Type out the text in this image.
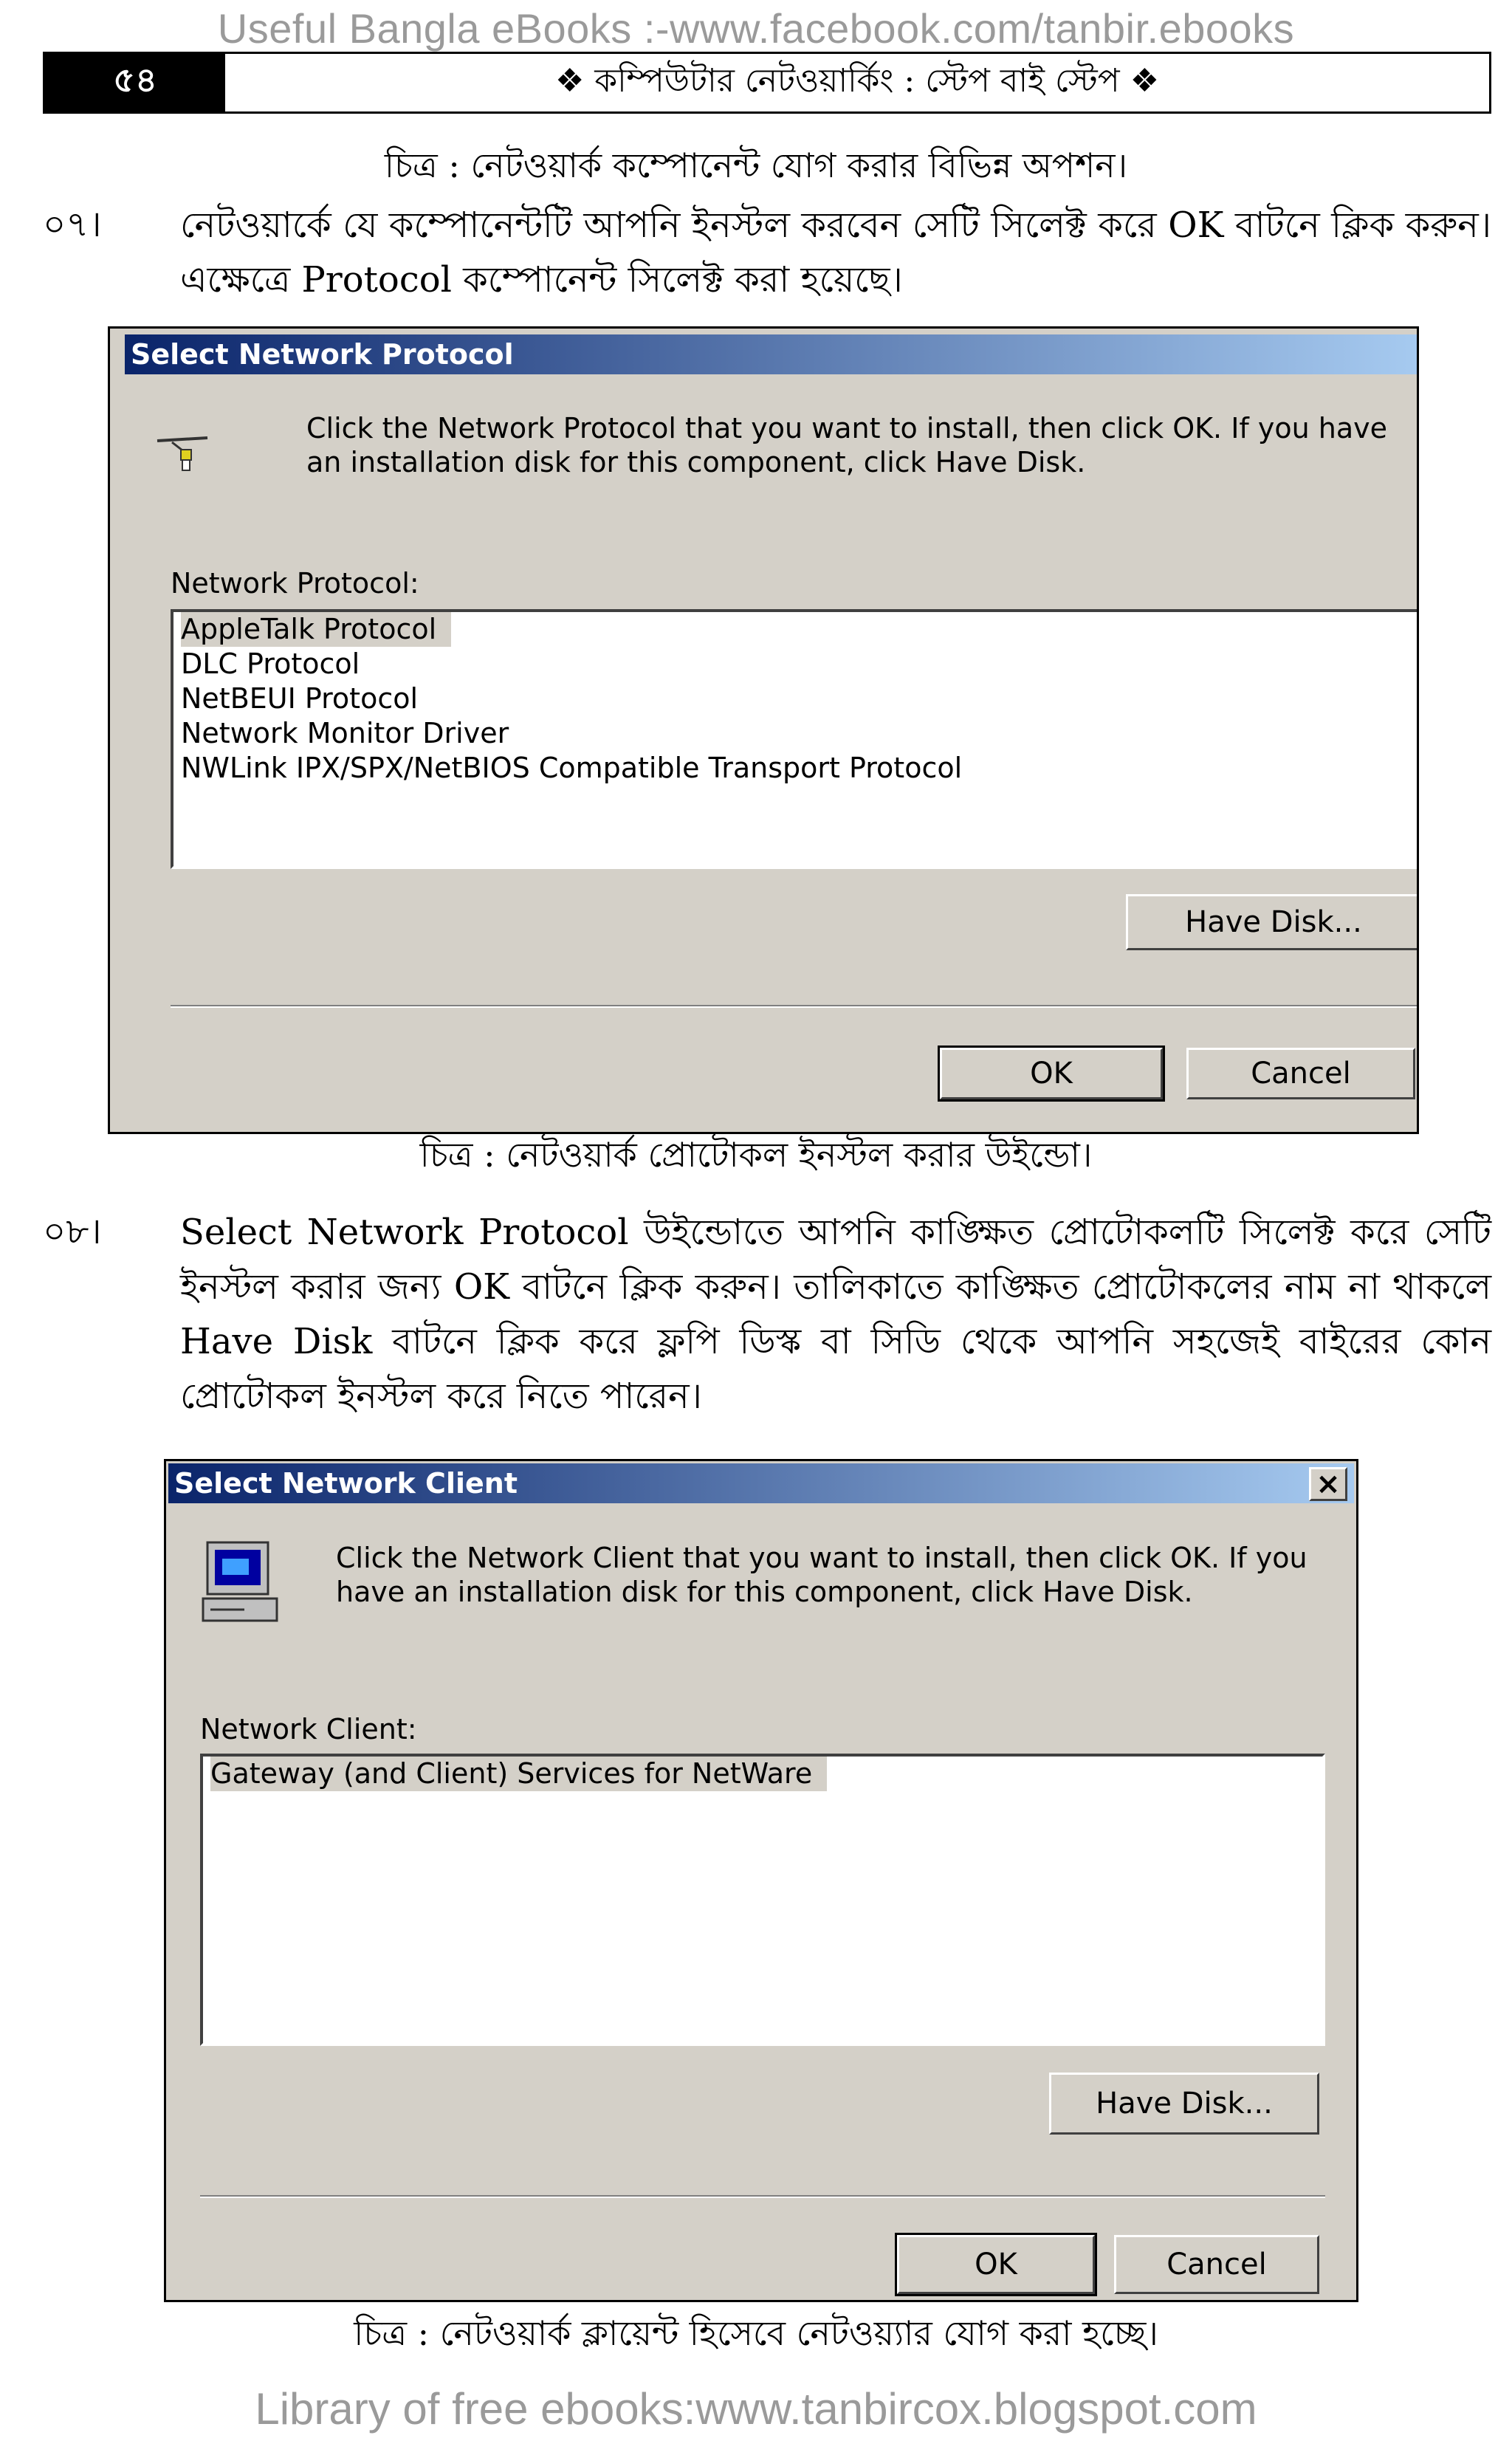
Useful Bangla eBooks :-www.facebook.com/tanbir.ebooks
৫৪	❖ কম্পিউটার নেটওয়ার্কিং : স্টেপ বাই স্টেপ ❖
চিত্র : নেটওয়ার্ক কম্পোনেন্ট যোগ করার বিভিন্ন অপশন।
০৭। নেটওয়ার্কে যে কম্পোনেন্টটি আপনি ইনস্টল করবেন সেটি সিলেক্ট করে OK বাটনে ক্লিক করুন। এক্ষেত্রে Protocol কম্পোনেন্ট সিলেক্ট করা হয়েছে।
Select Network Protocol
Click the Network Protocol that you want to install, then click OK. If you have an installation disk for this component, click Have Disk.
Network Protocol:
AppleTalk Protocol
DLC Protocol
NetBEUI Protocol
Network Monitor Driver
NWLink IPX/SPX/NetBIOS Compatible Transport Protocol
Have Disk...
OK	Cancel
চিত্র : নেটওয়ার্ক প্রোটোকল ইনস্টল করার উইন্ডো।
০৮। Select Network Protocol উইন্ডোতে আপনি কাঙ্ক্ষিত প্রোটোকলটি সিলেক্ট করে সেটি ইনস্টল করার জন্য OK বাটনে ক্লিক করুন। তালিকাতে কাঙ্ক্ষিত প্রোটোকলের নাম না থাকলে Have Disk বাটনে ক্লিক করে ফ্লপি ডিস্ক বা সিডি থেকে আপনি সহজেই বাইরের কোন প্রোটোকল ইনস্টল করে নিতে পারেন।
Select Network Client	×
Click the Network Client that you want to install, then click OK. If you have an installation disk for this component, click Have Disk.
Network Client:
Gateway (and Client) Services for NetWare
Have Disk...
OK	Cancel
চিত্র : নেটওয়ার্ক ক্লায়েন্ট হিসেবে নেটওয়্যার যোগ করা হচ্ছে।
Library of free ebooks:www.tanbircox.blogspot.com
